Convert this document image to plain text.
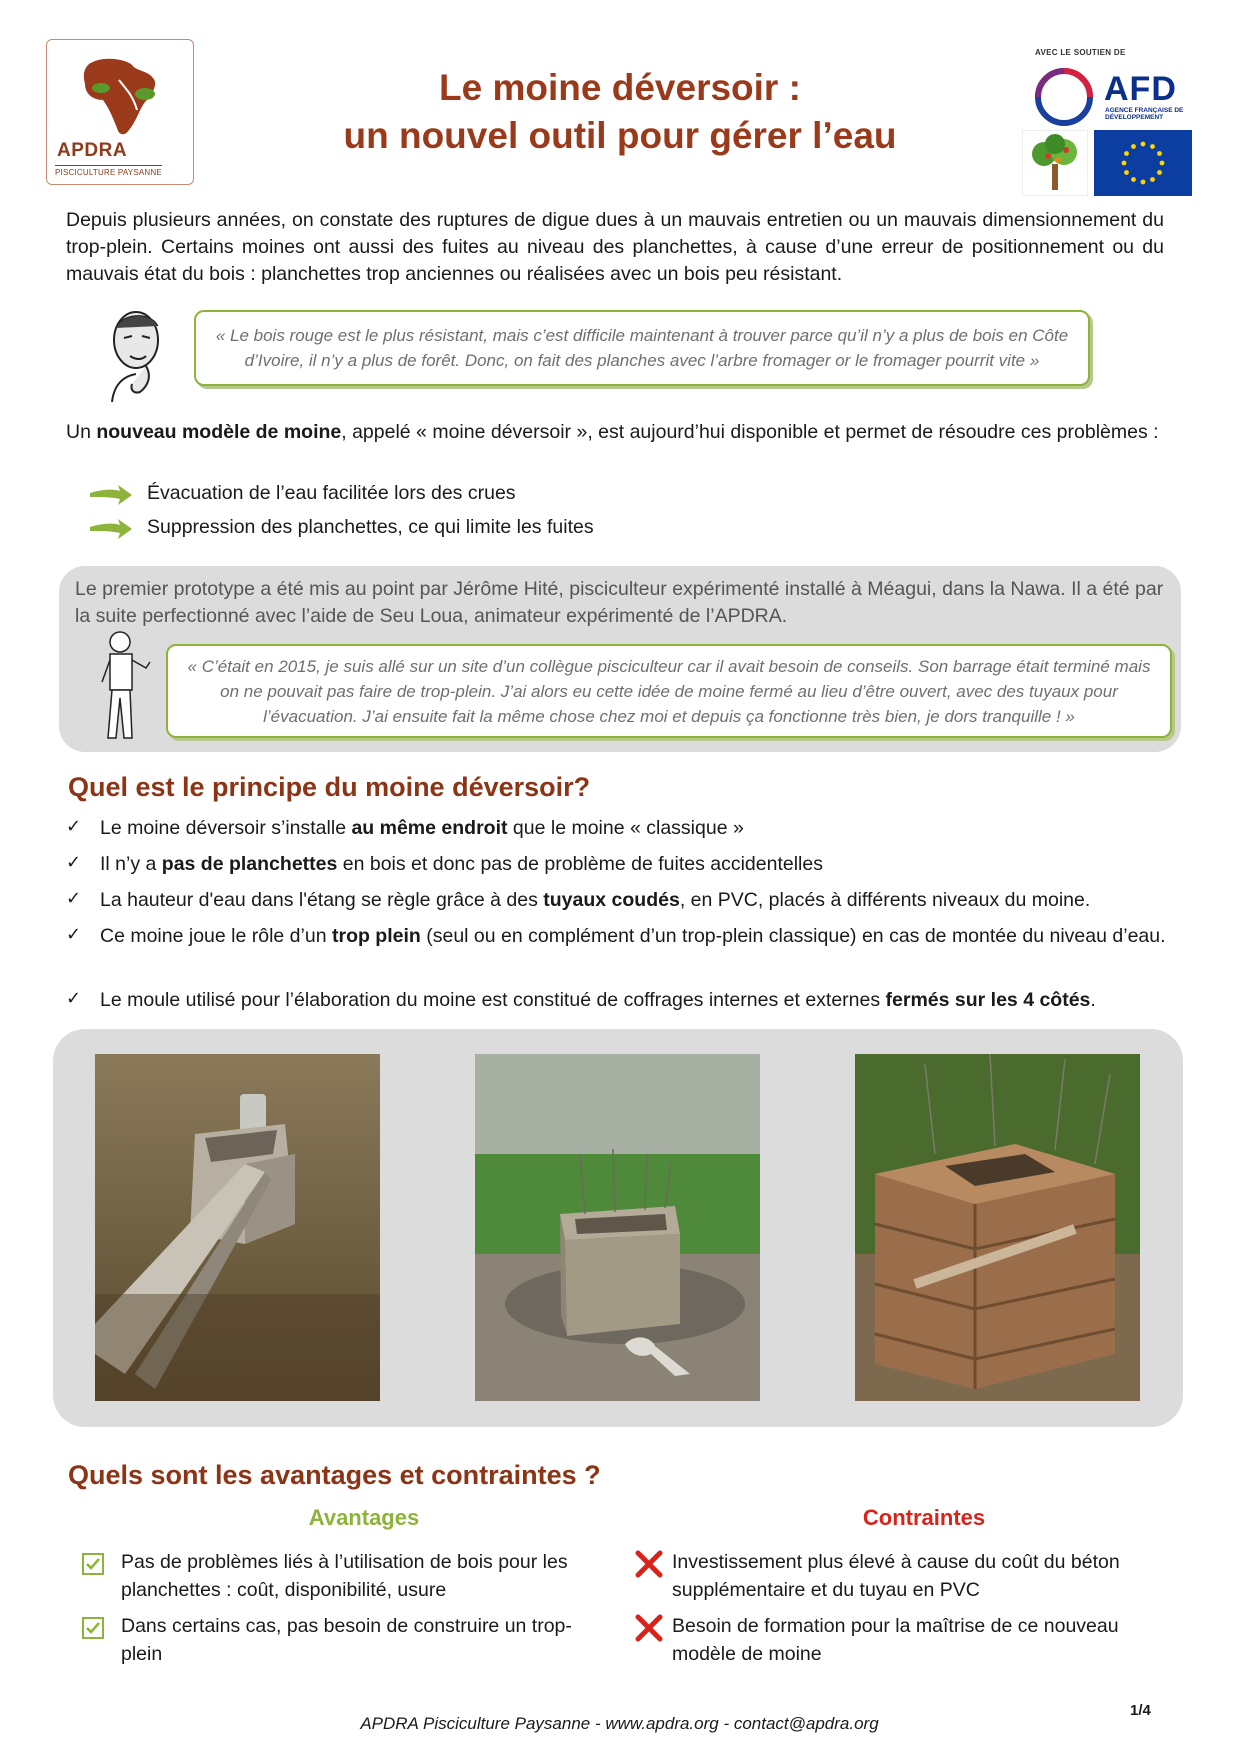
APDRA
PISCICULTURE PAYSANNE
Le moine déversoir :
un nouvel outil pour gérer l’eau
AVEC LE SOUTIEN DE
AFD
AGENCE FRANÇAISE DE DÉVELOPPEMENT
Depuis plusieurs années, on constate des ruptures de digue dues à un mauvais entretien ou un mauvais dimensionnement du trop-plein. Certains moines ont aussi des fuites au niveau des planchettes, à cause d’une erreur de positionnement ou du mauvais état du bois : planchettes trop anciennes ou réalisées avec un bois peu résistant.
« Le bois rouge est le plus résistant, mais c’est difficile maintenant à trouver parce qu’il n’y a plus de bois en Côte d’Ivoire, il n’y a plus de forêt. Donc, on fait des planches avec l’arbre fromager or le fromager pourrit vite »
Un nouveau modèle de moine, appelé « moine déversoir », est aujourd’hui disponible et permet de résoudre ces problèmes :
Évacuation de l’eau facilitée lors des crues
Suppression des planchettes, ce qui limite les fuites
Le premier prototype a été mis au point par Jérôme Hité, pisciculteur expérimenté installé à Méagui, dans la Nawa. Il a été par la suite perfectionné avec l’aide de Seu Loua, animateur expérimenté de l’APDRA.
« C’était en 2015, je suis allé sur un site d’un collègue pisciculteur car il avait besoin de conseils. Son barrage était terminé mais on ne pouvait pas faire de trop-plein. J’ai alors eu cette idée de moine fermé au lieu d’être ouvert, avec des tuyaux pour l’évacuation. J’ai ensuite fait la même chose chez moi et depuis ça fonctionne très bien, je dors tranquille ! »
Quel est le principe du moine déversoir?
✓ Le moine déversoir s’installe au même endroit que le moine « classique »
✓ Il n’y a pas de planchettes en bois et donc pas de problème de fuites accidentelles
✓ La hauteur d'eau dans l'étang se règle grâce à des tuyaux coudés, en PVC, placés à différents niveaux du moine.
✓ Ce moine joue le rôle d’un trop plein (seul ou en complément d’un trop-plein classique) en cas de montée du niveau d’eau.
✓ Le moule utilisé pour l’élaboration du moine est constitué de coffrages internes et externes fermés sur les 4 côtés.
Quels sont les avantages et contraintes ?
Avantages	Contraintes
Pas de problèmes liés à l’utilisation de bois pour les planchettes : coût, disponibilité, usure
Dans certains cas, pas besoin de construire un trop-plein
Investissement plus élevé à cause du coût du béton supplémentaire et du tuyau en PVC
Besoin de formation pour la maîtrise de ce nouveau modèle de moine
1/4
APDRA Pisciculture Paysanne - www.apdra.org - contact@apdra.org
